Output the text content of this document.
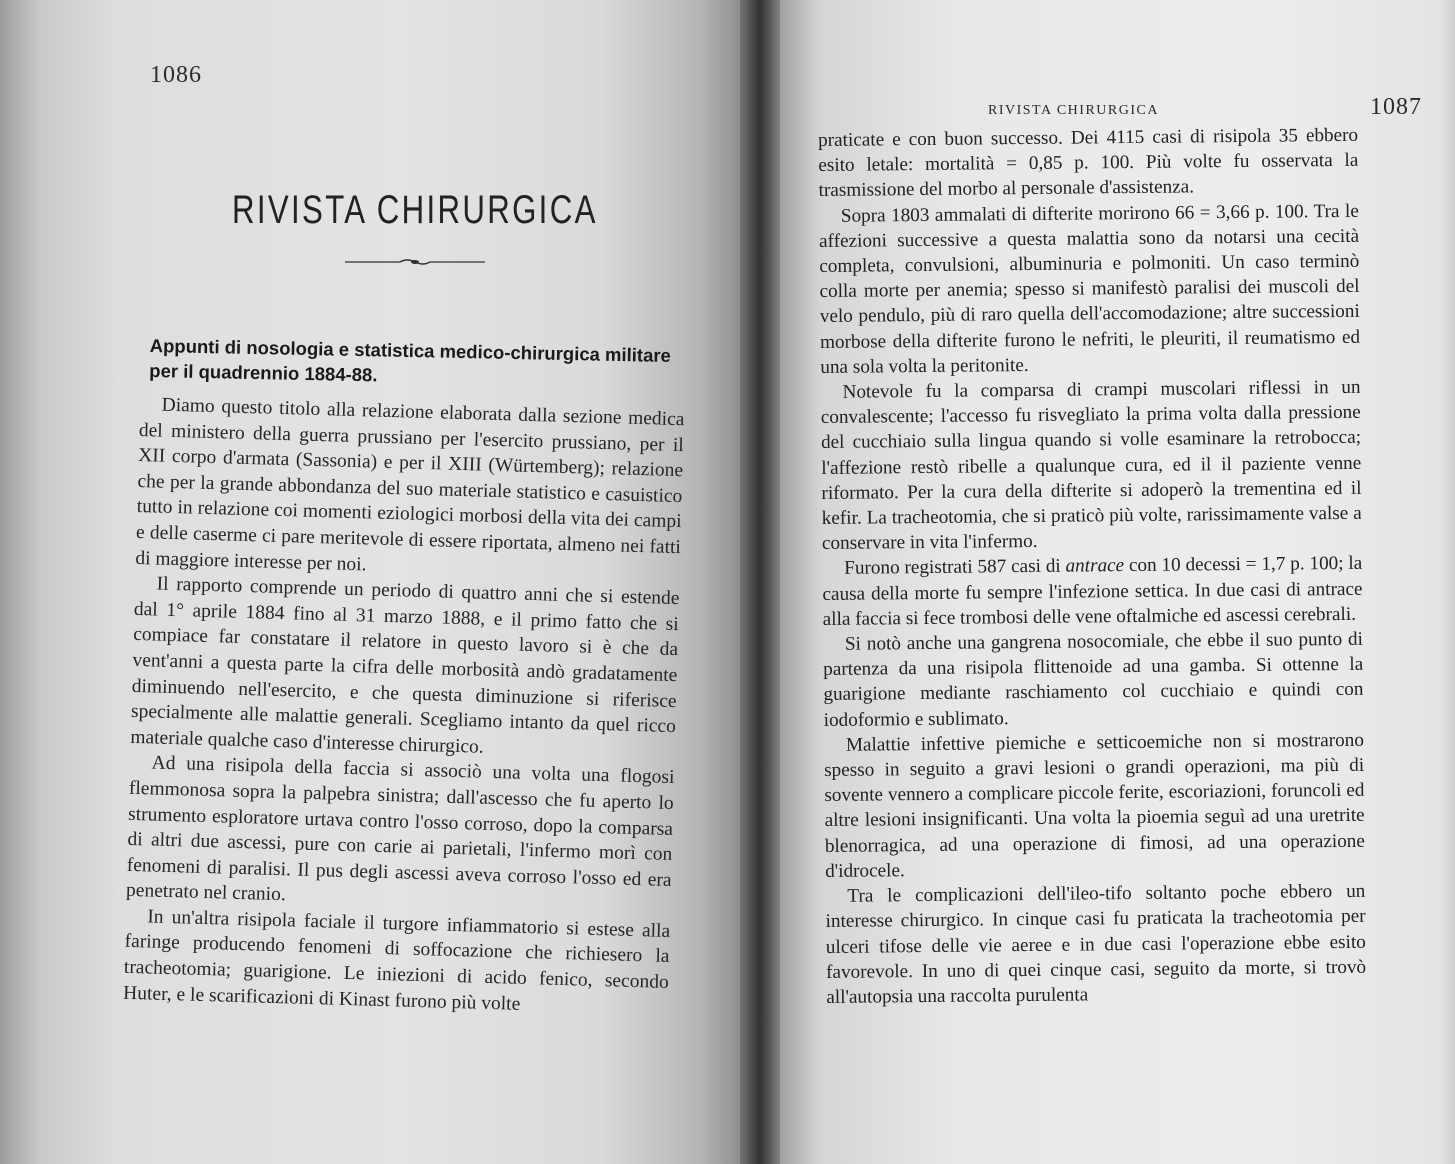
1086
RIVISTA CHIRURGICA
Appunti di nosologia e statistica medico-chirurgica militare per il quadrennio 1884-88.

Diamo questo titolo alla relazione elaborata dalla sezione medica del ministero della guerra prussiano per l'esercito prussiano, per il XII corpo d'armata (Sassonia) e per il XIII (Würtemberg); relazione che per la grande abbondanza del suo materiale statistico e casuistico tutto in relazione coi momenti eziologici morbosi della vita dei campi e delle caserme ci pare meritevole di essere riportata, almeno nei fatti di maggiore interesse per noi.

Il rapporto comprende un periodo di quattro anni che si estende dal 1° aprile 1884 fino al 31 marzo 1888, e il primo fatto che si compiace far constatare il relatore in questo lavoro si è che da vent'anni a questa parte la cifra delle morbosità andò gradatamente diminuendo nell'esercito, e che questa diminuzione si riferisce specialmente alle malattie generali. Scegliamo intanto da quel ricco materiale qualche caso d'interesse chirurgico.

Ad una risipola della faccia si associò una volta una flogosi flemmonosa sopra la palpebra sinistra; dall'ascesso che fu aperto lo strumento esploratore urtava contro l'osso corroso, dopo la comparsa di altri due ascessi, pure con carie ai parietali, l'infermo morì con fenomeni di paralisi. Il pus degli ascessi aveva corroso l'osso ed era penetrato nel cranio.

In un'altra risipola faciale il turgore infiammatorio si estese alla faringe producendo fenomeni di soffocazione che richiesero la tracheotomia; guarigione. Le iniezioni di acido fenico, secondo Huter, e le scarificazioni di Kinast furono più volte

RIVISTA CHIRURGICA	1087

praticate e con buon successo. Dei 4115 casi di risipola 35 ebbero esito letale: mortalità = 0,85 p. 100. Più volte fu osservata la trasmissione del morbo al personale d'assistenza.

Sopra 1803 ammalati di difterite morirono 66 = 3,66 p. 100. Tra le affezioni successive a questa malattia sono da notarsi una cecità completa, convulsioni, albuminuria e polmoniti. Un caso terminò colla morte per anemia; spesso si manifestò paralisi dei muscoli del velo pendulo, più di raro quella dell'accomodazione; altre successioni morbose della difterite furono le nefriti, le pleuriti, il reumatismo ed una sola volta la peritonite.

Notevole fu la comparsa di crampi muscolari riflessi in un convalescente; l'accesso fu risvegliato la prima volta dalla pressione del cucchiaio sulla lingua quando si volle esaminare la retrobocca; l'affezione restò ribelle a qualunque cura, ed il il paziente venne riformato. Per la cura della difterite si adoperò la trementina ed il kefir. La tracheotomia, che si praticò più volte, rarissimamente valse a conservare in vita l'infermo.

Furono registrati 587 casi di antrace con 10 decessi = 1,7 p. 100; la causa della morte fu sempre l'infezione settica. In due casi di antrace alla faccia si fece trombosi delle vene oftalmiche ed ascessi cerebrali.

Si notò anche una gangrena nosocomiale, che ebbe il suo punto di partenza da una risipola flittenoide ad una gamba. Si ottenne la guarigione mediante raschiamento col cucchiaio e quindi con iodoformio e sublimato.

Malattie infettive piemiche e setticoemiche non si mostrarono spesso in seguito a gravi lesioni o grandi operazioni, ma più di sovente vennero a complicare piccole ferite, escoriazioni, foruncoli ed altre lesioni insignificanti. Una volta la pioemia seguì ad una uretrite blenorragica, ad una operazione di fimosi, ad una operazione d'idrocele.

Tra le complicazioni dell'ileo-tifo soltanto poche ebbero un interesse chirurgico. In cinque casi fu praticata la tracheotomia per ulceri tifose delle vie aeree e in due casi l'operazione ebbe esito favorevole. In uno di quei cinque casi, seguito da morte, si trovò all'autopsia una raccolta purulenta
